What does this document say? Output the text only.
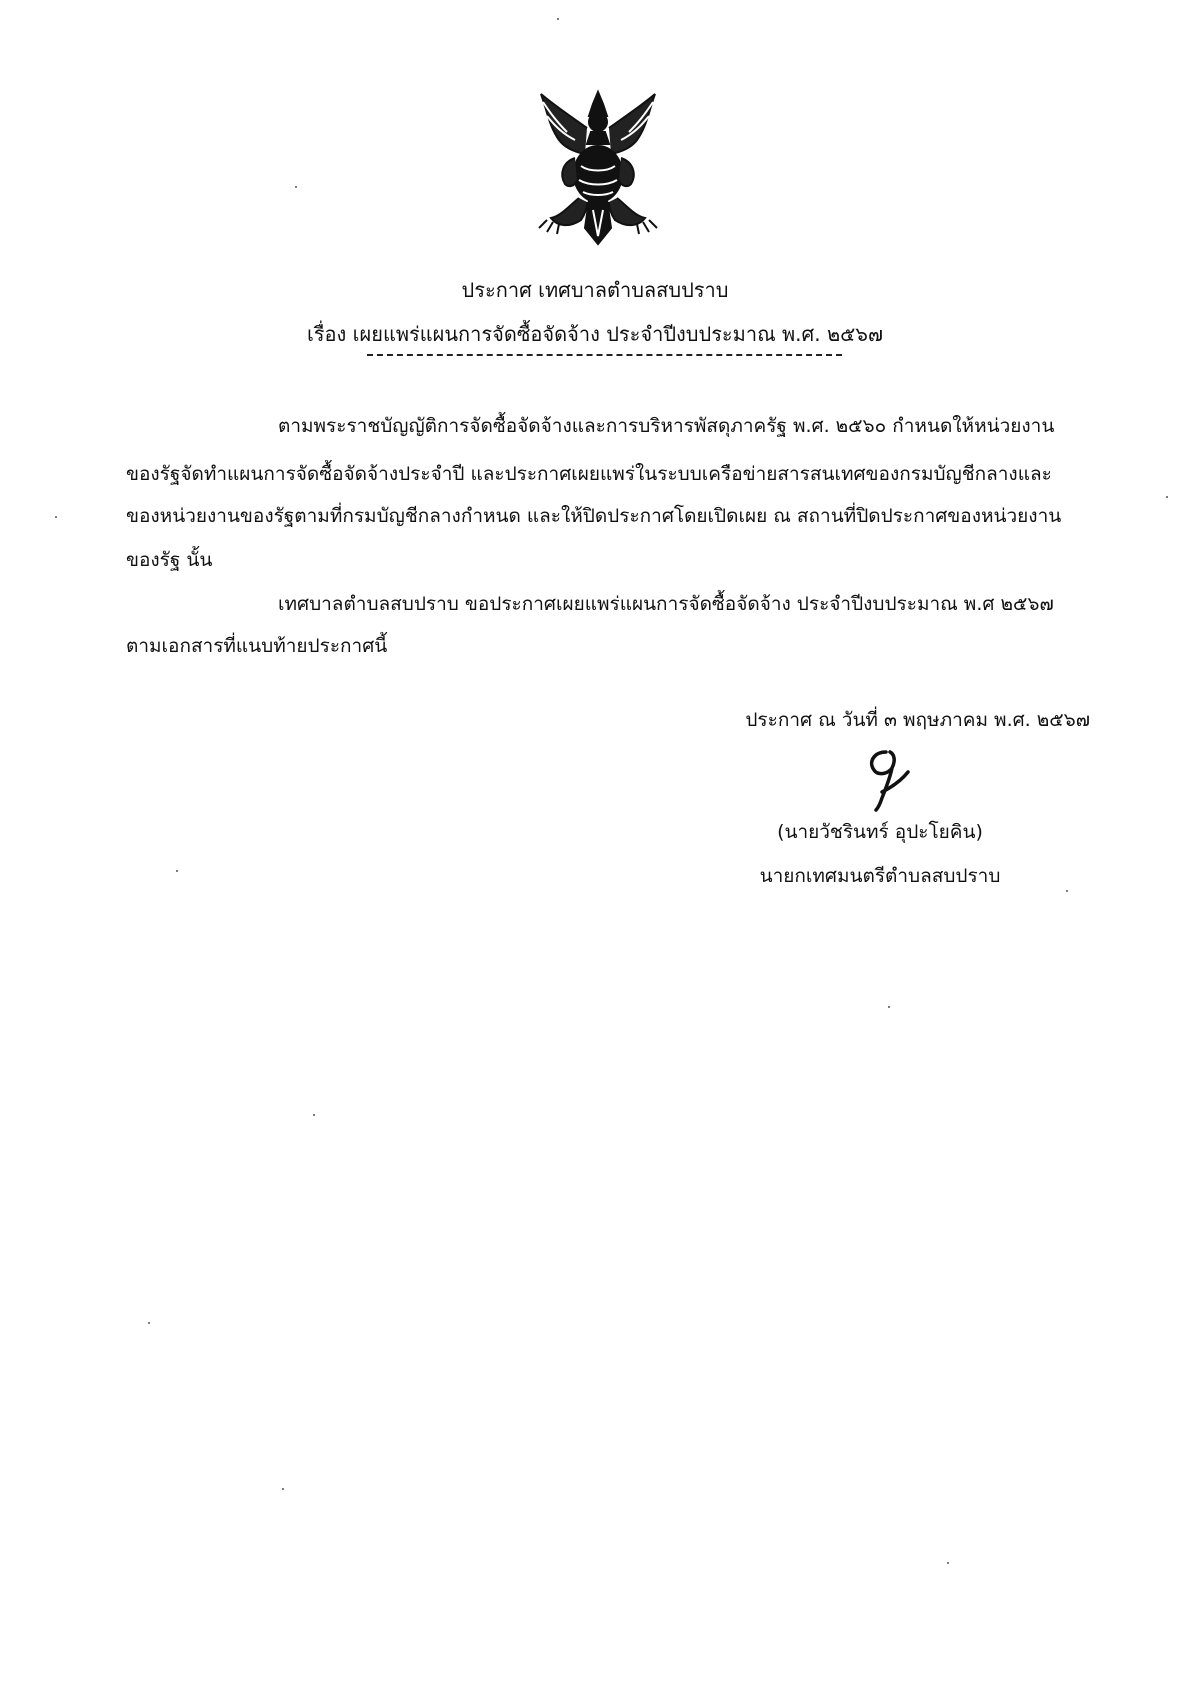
ประกาศ เทศบาลตำบลสบปราบ
เรื่อง เผยแพร่แผนการจัดซื้อจัดจ้าง ประจำปีงบประมาณ พ.ศ. ๒๕๖๗
ตามพระราชบัญญัติการจัดซื้อจัดจ้างและการบริหารพัสดุภาครัฐ พ.ศ. ๒๕๖๐ กำหนดให้หน่วยงาน
ของรัฐจัดทำแผนการจัดซื้อจัดจ้างประจำปี และประกาศเผยแพร่ในระบบเครือข่ายสารสนเทศของกรมบัญชีกลางและ
ของหน่วยงานของรัฐตามที่กรมบัญชีกลางกำหนด และให้ปิดประกาศโดยเปิดเผย ณ สถานที่ปิดประกาศของหน่วยงาน
ของรัฐ นั้น
เทศบาลตำบลสบปราบ ขอประกาศเผยแพร่แผนการจัดซื้อจัดจ้าง ประจำปีงบประมาณ พ.ศ ๒๕๖๗
ตามเอกสารที่แนบท้ายประกาศนี้
ประกาศ ณ วันที่ ๓ พฤษภาคม พ.ศ. ๒๕๖๗
(นายวัชรินทร์ อุปะโยคิน)
นายกเทศมนตรีตำบลสบปราบ
